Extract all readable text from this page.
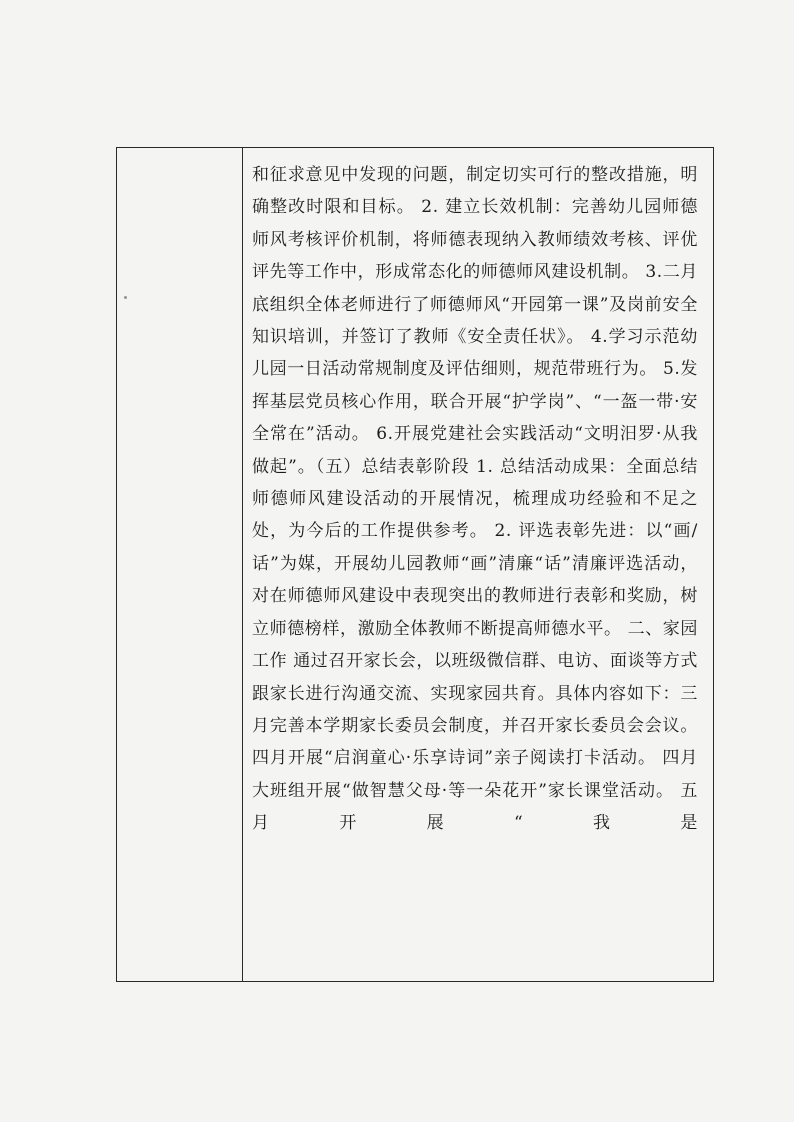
和征求意见中发现的问题，制定切实可行的整改措施，明确整改时限和目标。 2. 建立长效机制：完善幼儿园师德师风考核评价机制，将师德表现纳入教师绩效考核、评优评先等工作中，形成常态化的师德师风建设机制。 3.二月底组织全体老师进行了师德师风“开园第一课”及岗前安全知识培训，并签订了教师《安全责任状》。 4.学习示范幼儿园一日活动常规制度及评估细则，规范带班行为。 5.发挥基层党员核心作用，联合开展“护学岗”、“一盔一带·安全常在”活动。 6.开展党建社会实践活动“文明汨罗·从我做起”。（五）总结表彰阶段 1. 总结活动成果：全面总结师德师风建设活动的开展情况，梳理成功经验和不足之处，为今后的工作提供参考。 2. 评选表彰先进：以“画/话”为媒，开展幼儿园教师“画”清廉“话”清廉评选活动，对在师德师风建设中表现突出的教师进行表彰和奖励，树立师德榜样，激励全体教师不断提高师德水平。 二、家园工作 通过召开家长会，以班级微信群、电访、面谈等方式跟家长进行沟通交流、实现家园共育。具体内容如下：三月完善本学期家长委员会制度，并召开家长委员会会议。 四月开展“启润童心·乐享诗词”亲子阅读打卡活动。 四月大班组开展“做智慧父母·等一朵花开”家长课堂活动。 五月开展“我是
